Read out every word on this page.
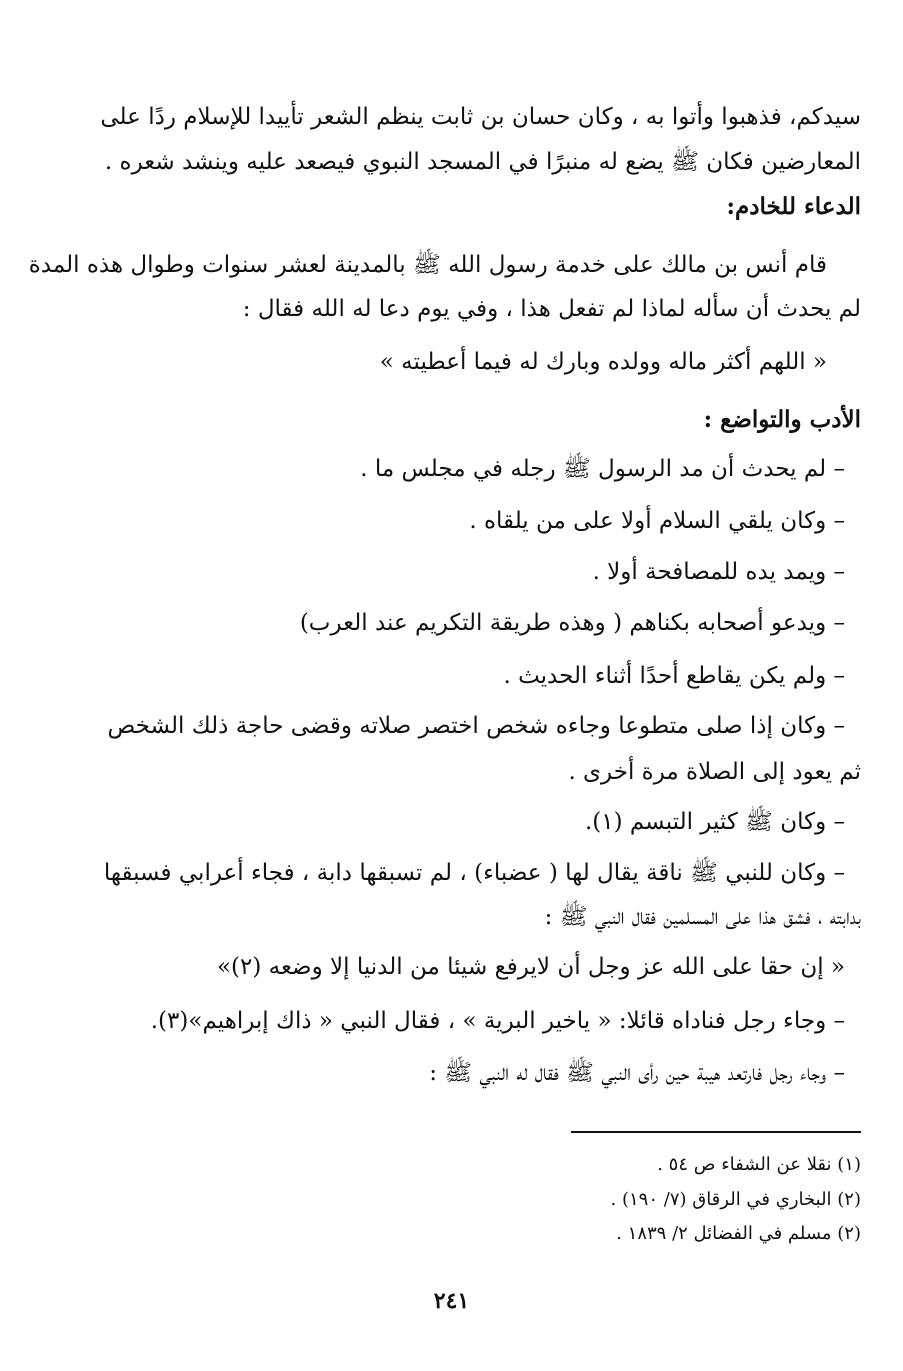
سيدكم، فذهبوا وأتوا به ، وكان حسان بن ثابت ينظم الشعر تأييدا للإسلام ردًا على
المعارضين فكان ﷺ يضع له منبرًا في المسجد النبوي فيصعد عليه وينشد شعره .
الدعاء للخادم:
قام أنس بن مالك على خدمة رسول الله ﷺ بالمدينة لعشر سنوات وطوال هذه المدة
لم يحدث أن سأله لماذا لم تفعل هذا ، وفي يوم دعا له الله فقال :
« اللهم أكثر ماله وولده وبارك له فيما أعطيته »
الأدب والتواضع :
– لم يحدث أن مد الرسول ﷺ رجله في مجلس ما .
– وكان يلقي السلام أولا على من يلقاه .
– ويمد يده للمصافحة أولا .
– ويدعو أصحابه بكناهم ( وهذه طريقة التكريم عند العرب)
– ولم يكن يقاطع أحدًا أثناء الحديث .
– وكان إذا صلى متطوعا وجاءه شخص اختصر صلاته وقضى حاجة ذلك الشخص
ثم يعود إلى الصلاة مرة أخرى .
– وكان ﷺ كثير التبسم (١).
– وكان للنبي ﷺ ناقة يقال لها ( عضباء) ، لم تسبقها دابة ، فجاء أعرابي فسبقها
بدابته ، فشق هذا على المسلمين فقال النبي ﷺ :
« إن حقا على الله عز وجل أن لايرفع شيئا من الدنيا إلا وضعه (٢)»
– وجاء رجل فناداه قائلا: « ياخير البرية » ، فقال النبي « ذاك إبراهيم»(٣).
– وجاء رجل فارتعد هيبة حين رأى النبي ﷺ فقال له النبي ﷺ :
(١) نقلا عن الشفاء ص ٥٤ .
(٢) البخاري في الرقاق (٧/ ١٩٠) .
(٢) مسلم في الفضائل ٢/ ١٨٣٩ .
٢٤١
